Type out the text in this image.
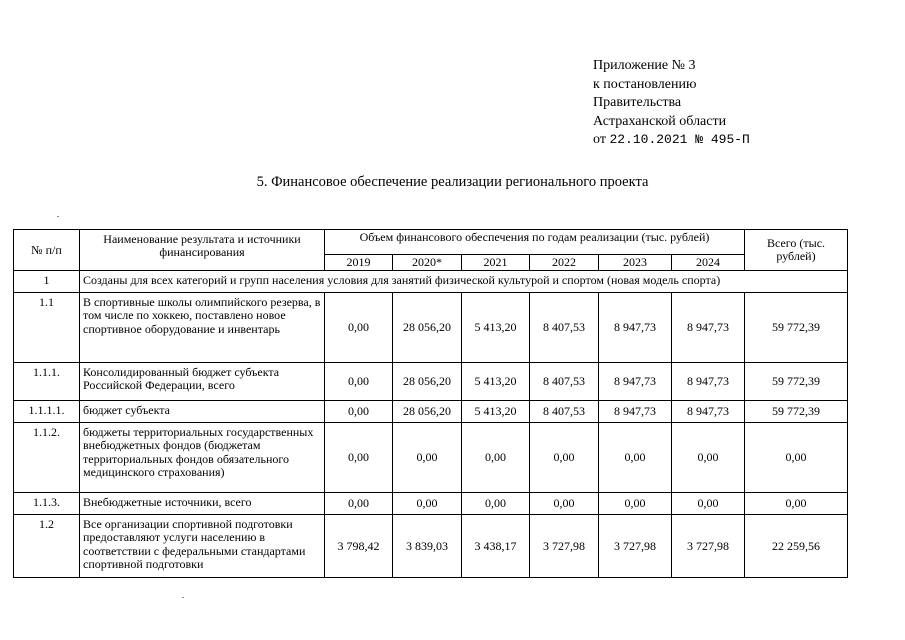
Приложение № 3
к постановлению
Правительства
Астраханской области
от 22.10.2021 № 495-П
5. Финансовое обеспечение реализации регионального проекта
№ п/п	Наименование результата и источники финансирования	Объем финансового обеспечения по годам реализации (тыс. рублей)						Всего (тыс. рублей)
		2019	2020*	2021	2022	2023	2024	
1	Созданы для всех категорий и групп населения условия для занятий физической культурой и спортом (новая модель спорта)							
1.1	В спортивные школы олимпийского резерва, в том числе по хоккею, поставлено новое спортивное оборудование и инвентарь	0,00	28 056,20	5 413,20	8 407,53	8 947,73	8 947,73	59 772,39
1.1.1.	Консолидированный бюджет субъекта Российской Федерации, всего	0,00	28 056,20	5 413,20	8 407,53	8 947,73	8 947,73	59 772,39
1.1.1.1.	бюджет субъекта	0,00	28 056,20	5 413,20	8 407,53	8 947,73	8 947,73	59 772,39
1.1.2.	бюджеты территориальных государственных внебюджетных фондов (бюджетам территориальных фондов обязательного медицинского страхования)	0,00	0,00	0,00	0,00	0,00	0,00	0,00
1.1.3.	Внебюджетные источники, всего	0,00	0,00	0,00	0,00	0,00	0,00	0,00
1.2	Все организации спортивной подготовки предоставляют услуги населению в соответствии с федеральными стандартами спортивной подготовки	3 798,42	3 839,03	3 438,17	3 727,98	3 727,98	3 727,98	22 259,56
